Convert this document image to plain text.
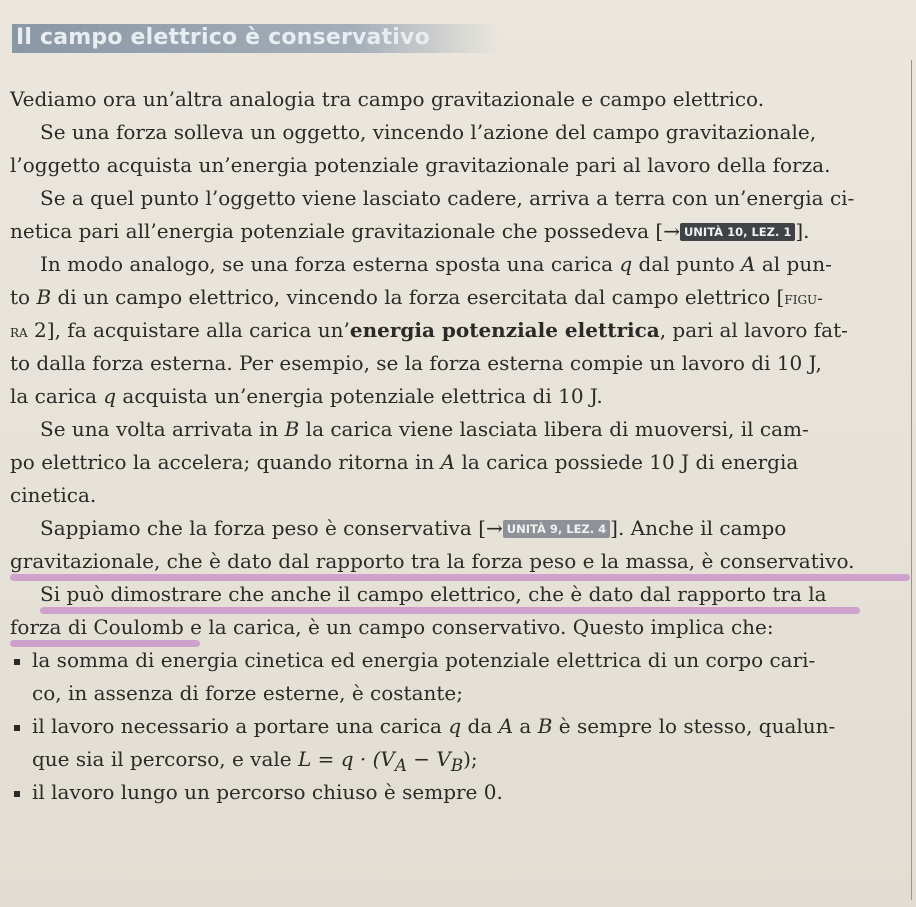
Il campo elettrico è conservativo
Vediamo ora un’altra analogia tra campo gravitazionale e campo elettrico.
Se una forza solleva un oggetto, vincendo l’azione del campo gravitazionale,
l’oggetto acquista un’energia potenziale gravitazionale pari al lavoro della forza.
Se a quel punto l’oggetto viene lasciato cadere, arriva a terra con un’energia ci-
netica pari all’energia potenziale gravitazionale che possedeva [→ UNITÀ 10, LEZ. 1 ].
In modo analogo, se una forza esterna sposta una carica q dal punto A al pun-
to B di un campo elettrico, vincendo la forza esercitata dal campo elettrico [figu-
ra 2], fa acquistare alla carica un’energia potenziale elettrica, pari al lavoro fat-
to dalla forza esterna. Per esempio, se la forza esterna compie un lavoro di 10 J,
la carica q acquista un’energia potenziale elettrica di 10 J.
Se una volta arrivata in B la carica viene lasciata libera di muoversi, il cam-
po elettrico la accelera; quando ritorna in A la carica possiede 10 J di energia
cinetica.
Sappiamo che la forza peso è conservativa [→ UNITÀ 9, LEZ. 4 ]. Anche il campo
gravitazionale, che è dato dal rapporto tra la forza peso e la massa, è conservativo.
Si può dimostrare che anche il campo elettrico, che è dato dal rapporto tra la
forza di Coulomb e la carica, è un campo conservativo. Questo implica che:
la somma di energia cinetica ed energia potenziale elettrica di un corpo cari-
co, in assenza di forze esterne, è costante;
il lavoro necessario a portare una carica q da A a B è sempre lo stesso, qualun-
que sia il percorso, e vale $L = q \cdot (V_A - V_B)$;
il lavoro lungo un percorso chiuso è sempre 0.
